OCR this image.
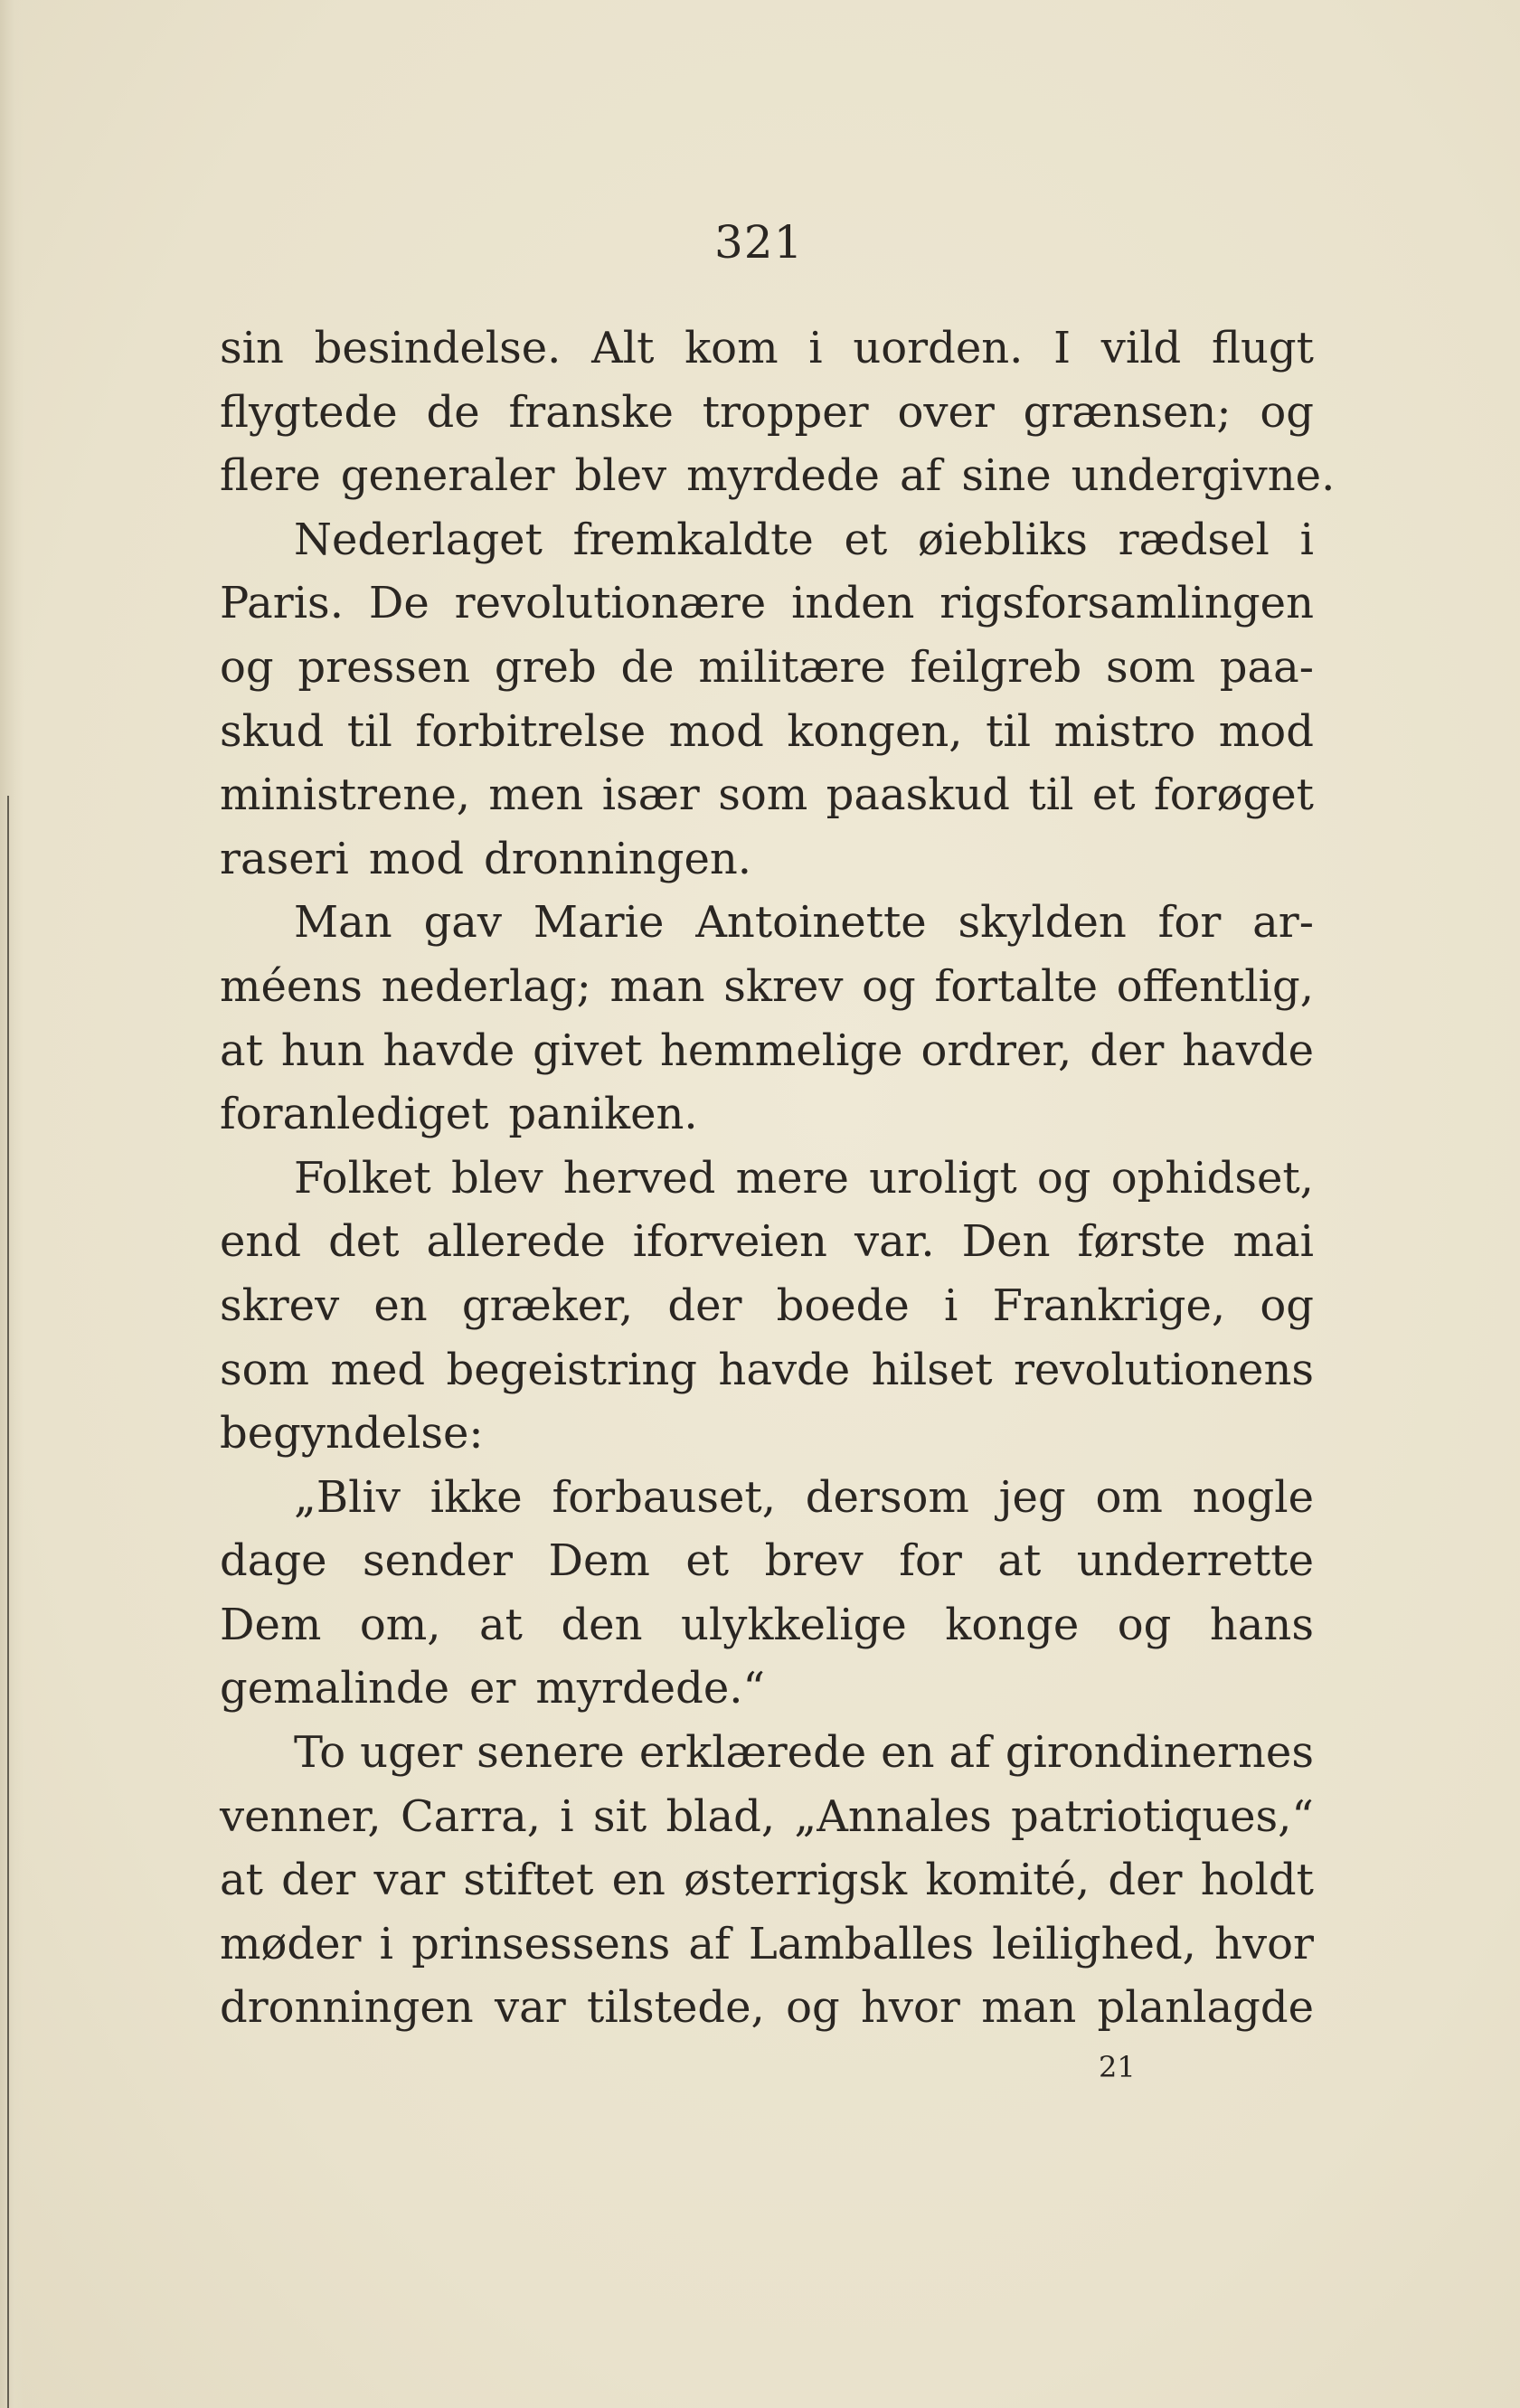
321
sin besindelse. Alt kom i uorden. I vild flugt
flygtede de franske tropper over grænsen; og
flere generaler blev myrdede af sine undergivne.
Nederlaget fremkaldte et øiebliks rædsel i
Paris. De revolutionære inden rigsforsamlingen
og pressen greb de militære feilgreb som paa-
skud til forbitrelse mod kongen, til mistro mod
ministrene, men især som paaskud til et forøget
raseri mod dronningen.
Man gav Marie Antoinette skylden for ar-
méens nederlag; man skrev og fortalte offentlig,
at hun havde givet hemmelige ordrer, der havde
foranlediget paniken.
Folket blev herved mere uroligt og ophidset,
end det allerede iforveien var. Den første mai
skrev en græker, der boede i Frankrige, og
som med begeistring havde hilset revolutionens
begyndelse:
„Bliv ikke forbauset, dersom jeg om nogle
dage sender Dem et brev for at underrette
Dem om, at den ulykkelige konge og hans
gemalinde er myrdede.“
To uger senere erklærede en af girondinernes
venner, Carra, i sit blad, „Annales patriotiques,“
at der var stiftet en østerrigsk komité, der holdt
møder i prinsessens af Lamballes leilighed, hvor
dronningen var tilstede, og hvor man planlagde
21
